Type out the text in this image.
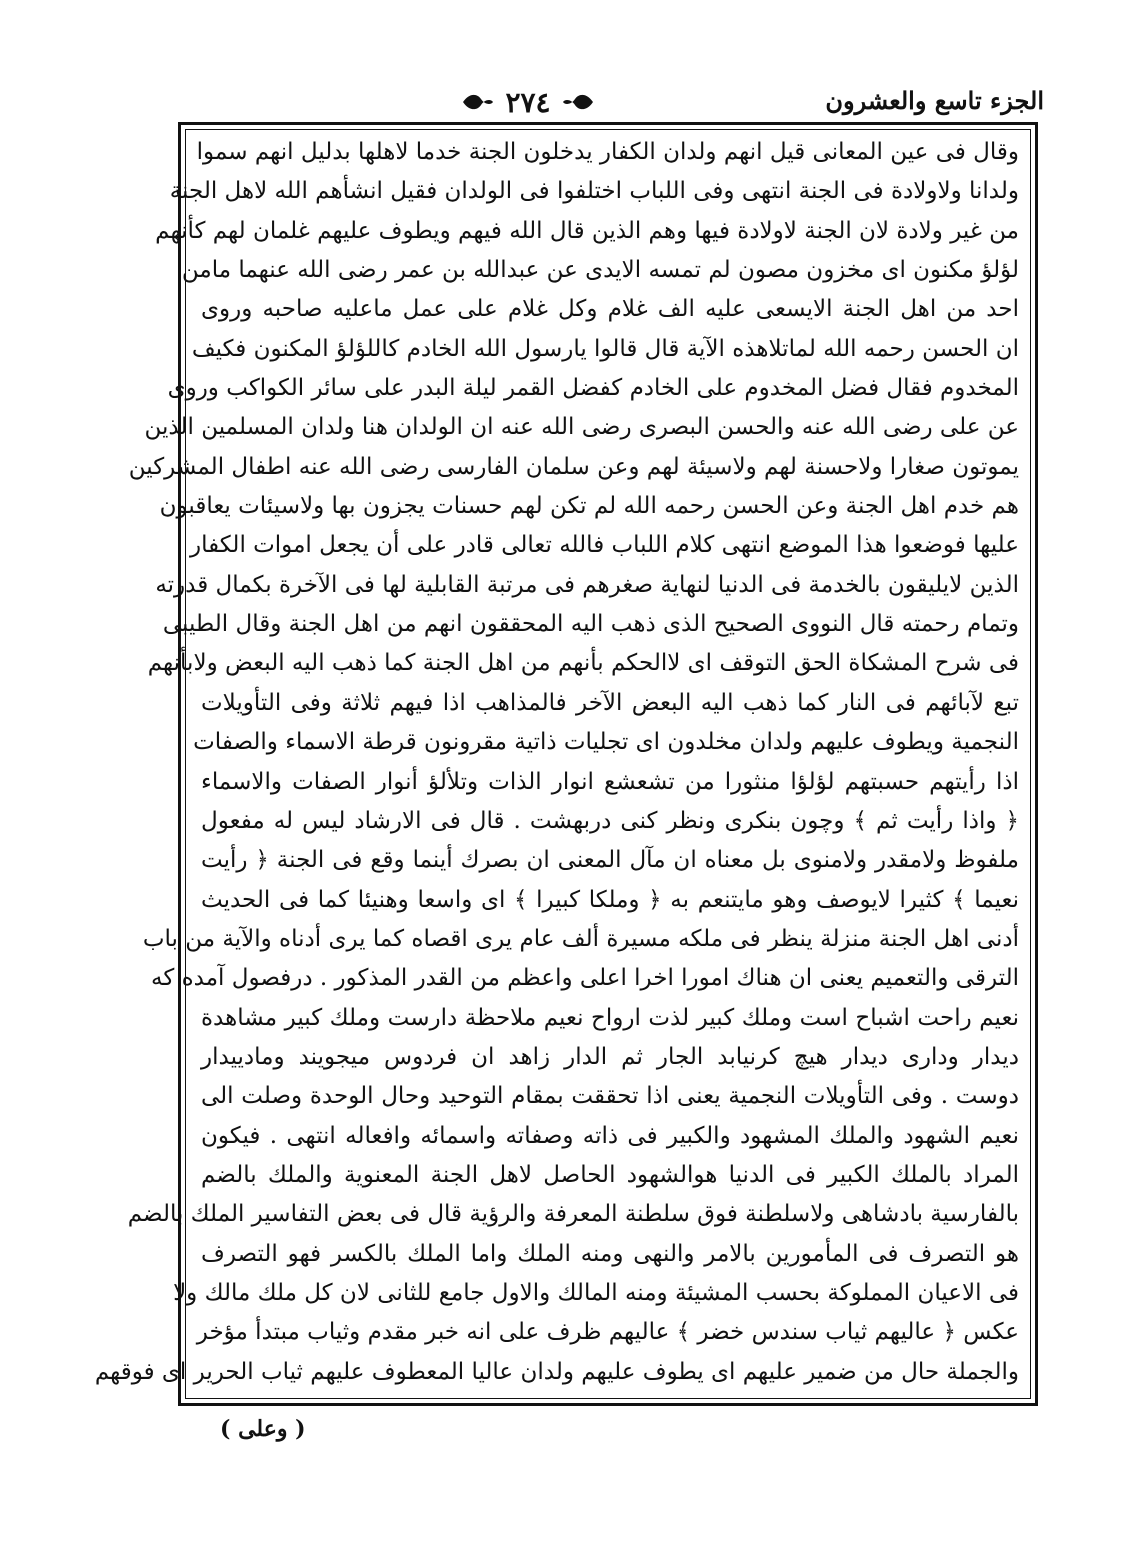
الجزء تاسع والعشرون
٢٧٤
وقال فى عين المعانى قيل انهم ولدان الكفار يدخلون الجنة خدما لاهلها بدليل انهم سموا
ولدانا ولاولادة فى الجنة انتهى وفى اللباب اختلفوا فى الولدان فقيل انشأهم الله لاهل الجنة
من غير ولادة لان الجنة لاولادة فيها وهم الذين قال الله فيهم ويطوف عليهم غلمان لهم كأنهم
لؤلؤ مكنون اى مخزون مصون لم تمسه الايدى عن عبدالله بن عمر رضى الله عنهما مامن
احد من اهل الجنة الايسعى عليه الف غلام وكل غلام على عمل ماعليه صاحبه وروى
ان الحسن رحمه الله لماتلاهذه الآية قال قالوا يارسول الله الخادم كاللؤلؤ المكنون فكيف
المخدوم فقال فضل المخدوم على الخادم كفضل القمر ليلة البدر على سائر الكواكب وروى
عن على رضى الله عنه والحسن البصرى رضى الله عنه ان الولدان هنا ولدان المسلمين الذين
يموتون صغارا ولاحسنة لهم ولاسيئة لهم وعن سلمان الفارسى رضى الله عنه اطفال المشركين
هم خدم اهل الجنة وعن الحسن رحمه الله لم تكن لهم حسنات يجزون بها ولاسيئات يعاقبون
عليها فوضعوا هذا الموضع انتهى كلام اللباب فالله تعالى قادر على أن يجعل اموات الكفار
الذين لايليقون بالخدمة فى الدنيا لنهاية صغرهم فى مرتبة القابلية لها فى الآخرة بكمال قدرته
وتمام رحمته قال النووى الصحيح الذى ذهب اليه المحققون انهم من اهل الجنة وقال الطيبى
فى شرح المشكاة الحق التوقف اى لاالحكم بأنهم من اهل الجنة كما ذهب اليه البعض ولابأنهم
تبع لآبائهم فى النار كما ذهب اليه البعض الآخر فالمذاهب اذا فيهم ثلاثة وفى التأويلات
النجمية ويطوف عليهم ولدان مخلدون اى تجليات ذاتية مقرونون قرطة الاسماء والصفات
اذا رأيتهم حسبتهم لؤلؤا منثورا من تشعشع انوار الذات وتلألؤ أنوار الصفات والاسماء
﴿ واذا رأيت ثم ﴾ وچون بنكرى ونظر كنى دربهشت . قال فى الارشاد ليس له مفعول
ملفوظ ولامقدر ولامنوى بل معناه ان مآل المعنى ان بصرك أينما وقع فى الجنة ﴿ رأيت
نعيما ﴾ كثيرا لايوصف وهو مايتنعم به ﴿ وملكا كبيرا ﴾ اى واسعا وهنيئا كما فى الحديث
أدنى اهل الجنة منزلة ينظر فى ملكه مسيرة ألف عام يرى اقصاه كما يرى أدناه والآية من باب
الترقى والتعميم يعنى ان هناك امورا اخرا اعلى واعظم من القدر المذكور . درفصول آمده كه
نعيم راحت اشباح است وملك كبير لذت ارواح نعيم ملاحظة دارست وملك كبير مشاهدة
ديدار ودارى ديدار هيچ كرنيابد الجار ثم الدار زاهد ان فردوس ميجويند ومادييدار
دوست . وفى التأويلات النجمية يعنى اذا تحققت بمقام التوحيد وحال الوحدة وصلت الى
نعيم الشهود والملك المشهود والكبير فى ذاته وصفاته واسمائه وافعاله انتهى . فيكون
المراد بالملك الكبير فى الدنيا هوالشهود الحاصل لاهل الجنة المعنوية والملك بالضم
بالفارسية بادشاهى ولاسلطنة فوق سلطنة المعرفة والرؤية قال فى بعض التفاسير الملك بالضم
هو التصرف فى المأمورين بالامر والنهى ومنه الملك واما الملك بالكسر فهو التصرف
فى الاعيان المملوكة بحسب المشيئة ومنه المالك والاول جامع للثانى لان كل ملك مالك ولا
عكس ﴿ عاليهم ثياب سندس خضر ﴾ عاليهم ظرف على انه خبر مقدم وثياب مبتدأ مؤخر
والجملة حال من ضمير عليهم اى يطوف عليهم ولدان عاليا المعطوف عليهم ثياب الحرير اى فوقهم
( وعلى )
